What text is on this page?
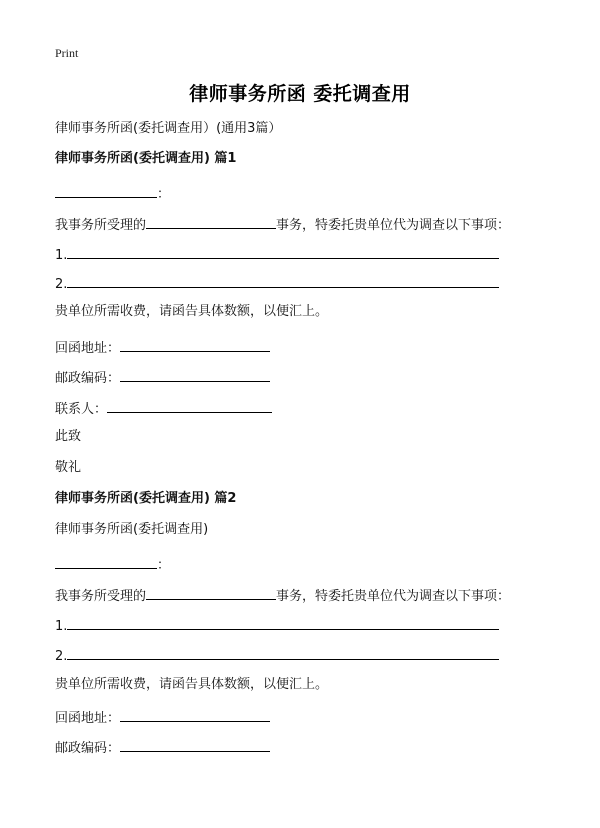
Print
律师事务所函 委托调查用
律师事务所函(委托调查用）(通用3篇）
律师事务所函(委托调查用) 篇1
：
我事务所受理的	事务，特委托贵单位代为调查以下事项：
1.
2.
贵单位所需收费，请函告具体数额，以便汇上。
回函地址：
邮政编码：
联系人：
此致
敬礼
律师事务所函(委托调查用) 篇2
律师事务所函(委托调查用)
：
我事务所受理的	事务，特委托贵单位代为调查以下事项：
1.
2.
贵单位所需收费，请函告具体数额，以便汇上。
回函地址：
邮政编码：
